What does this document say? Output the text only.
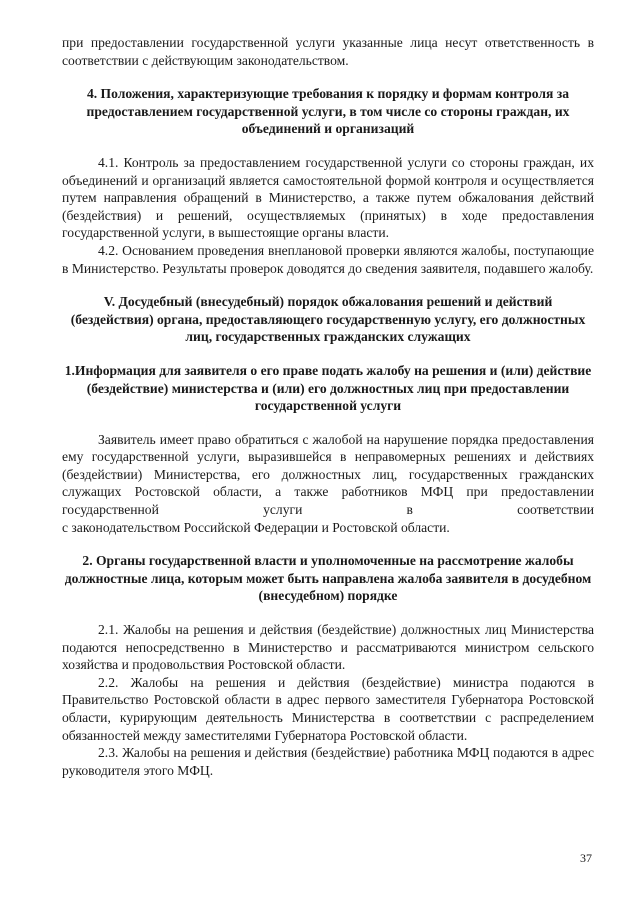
при предоставлении государственной услуги указанные лица несут ответственность в соответствии с действующим законодательством.

4. Положения, характеризующие требования к порядку и формам контроля за предоставлением государственной услуги, в том числе со стороны граждан, их объединений и организаций

4.1. Контроль за предоставлением государственной услуги со стороны граждан, их объединений и организаций является самостоятельной формой контроля и осуществляется путем направления обращений в Министерство, а также путем обжалования действий (бездействия) и решений, осуществляемых (принятых) в ходе предоставления государственной услуги, в вышестоящие органы власти.

4.2. Основанием проведения внеплановой проверки являются жалобы, поступающие в Министерство. Результаты проверок доводятся до сведения заявителя, подавшего жалобу.

V. Досудебный (внесудебный) порядок обжалования решений и действий (бездействия) органа, предоставляющего государственную услугу, его должностных лиц, государственных гражданских служащих
1.Информация для заявителя о его праве подать жалобу на решения и (или) действие (бездействие) министерства и (или) его должностных лиц при предоставлении государственной услуги

Заявитель имеет право обратиться с жалобой на нарушение порядка предоставления ему государственной услуги, выразившейся в неправомерных решениях и действиях (бездействии) Министерства, его должностных лиц, государственных гражданских служащих Ростовской области, а также работников МФЦ при предоставлении государственной услуги в соответствии

с законодательством Российской Федерации и Ростовской области.

2. Органы государственной власти и уполномоченные на рассмотрение жалобы должностные лица, которым может быть направлена жалоба заявителя в досудебном (внесудебном) порядке

2.1. Жалобы на решения и действия (бездействие) должностных лиц Министерства подаются непосредственно в Министерство и рассматриваются министром сельского хозяйства и продовольствия Ростовской области.

2.2. Жалобы на решения и действия (бездействие) министра подаются в Правительство Ростовской области в адрес первого заместителя Губернатора Ростовской области, курирующим деятельность Министерства в соответствии с распределением обязанностей между заместителями Губернатора Ростовской области.

2.3. Жалобы на решения и действия (бездействие) работника МФЦ подаются в адрес руководителя этого МФЦ.

37
